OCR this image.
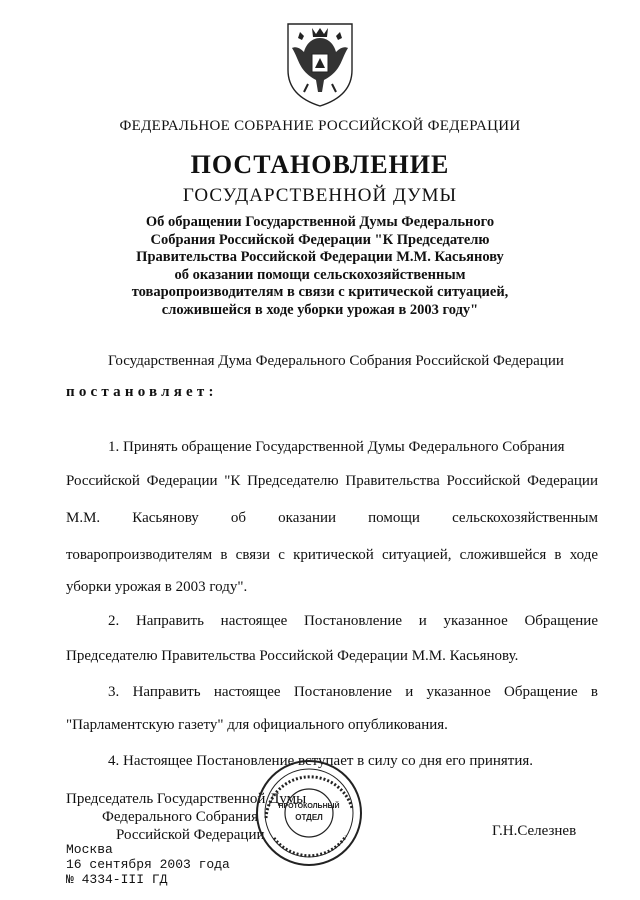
ФЕДЕРАЛЬНОЕ СОБРАНИЕ РОССИЙСКОЙ ФЕДЕРАЦИИ
ПОСТАНОВЛЕНИЕ
ГОСУДАРСТВЕННОЙ ДУМЫ
Об обращении Государственной Думы Федерального
Собрания Российской Федерации "К Председателю
Правительства Российской Федерации М.М. Касьянову
об оказании помощи сельскохозяйственным
товаропроизводителям в связи с критической ситуацией,
сложившейся в ходе уборки урожая в 2003 году"
Государственная Дума Федерального Собрания Российской Федерации
постановляет:
1. Принять обращение Государственной Думы Федерального Собрания
Российской Федерации "К Председателю Правительства Российской Федерации
М.М. Касьянову об оказании помощи сельскохозяйственным
товаропроизводителям в связи с критической ситуацией, сложившейся в ходе
уборки урожая в 2003 году".
2. Направить настоящее Постановление и указанное Обращение
Председателю Правительства Российской Федерации М.М. Касьянову.
3. Направить настоящее Постановление и указанное Обращение в
"Парламентскую газету" для официального опубликования.
4. Настоящее Постановление вступает в силу со дня его принятия.
Председатель Государственной Думы
Федерального Собрания
Российской Федерации	Г.Н.Селезнев
ПРОТОКОЛЬНЫЙ
ОТДЕЛ
Москва
16 сентября 2003 года
№ 4334-III ГД
